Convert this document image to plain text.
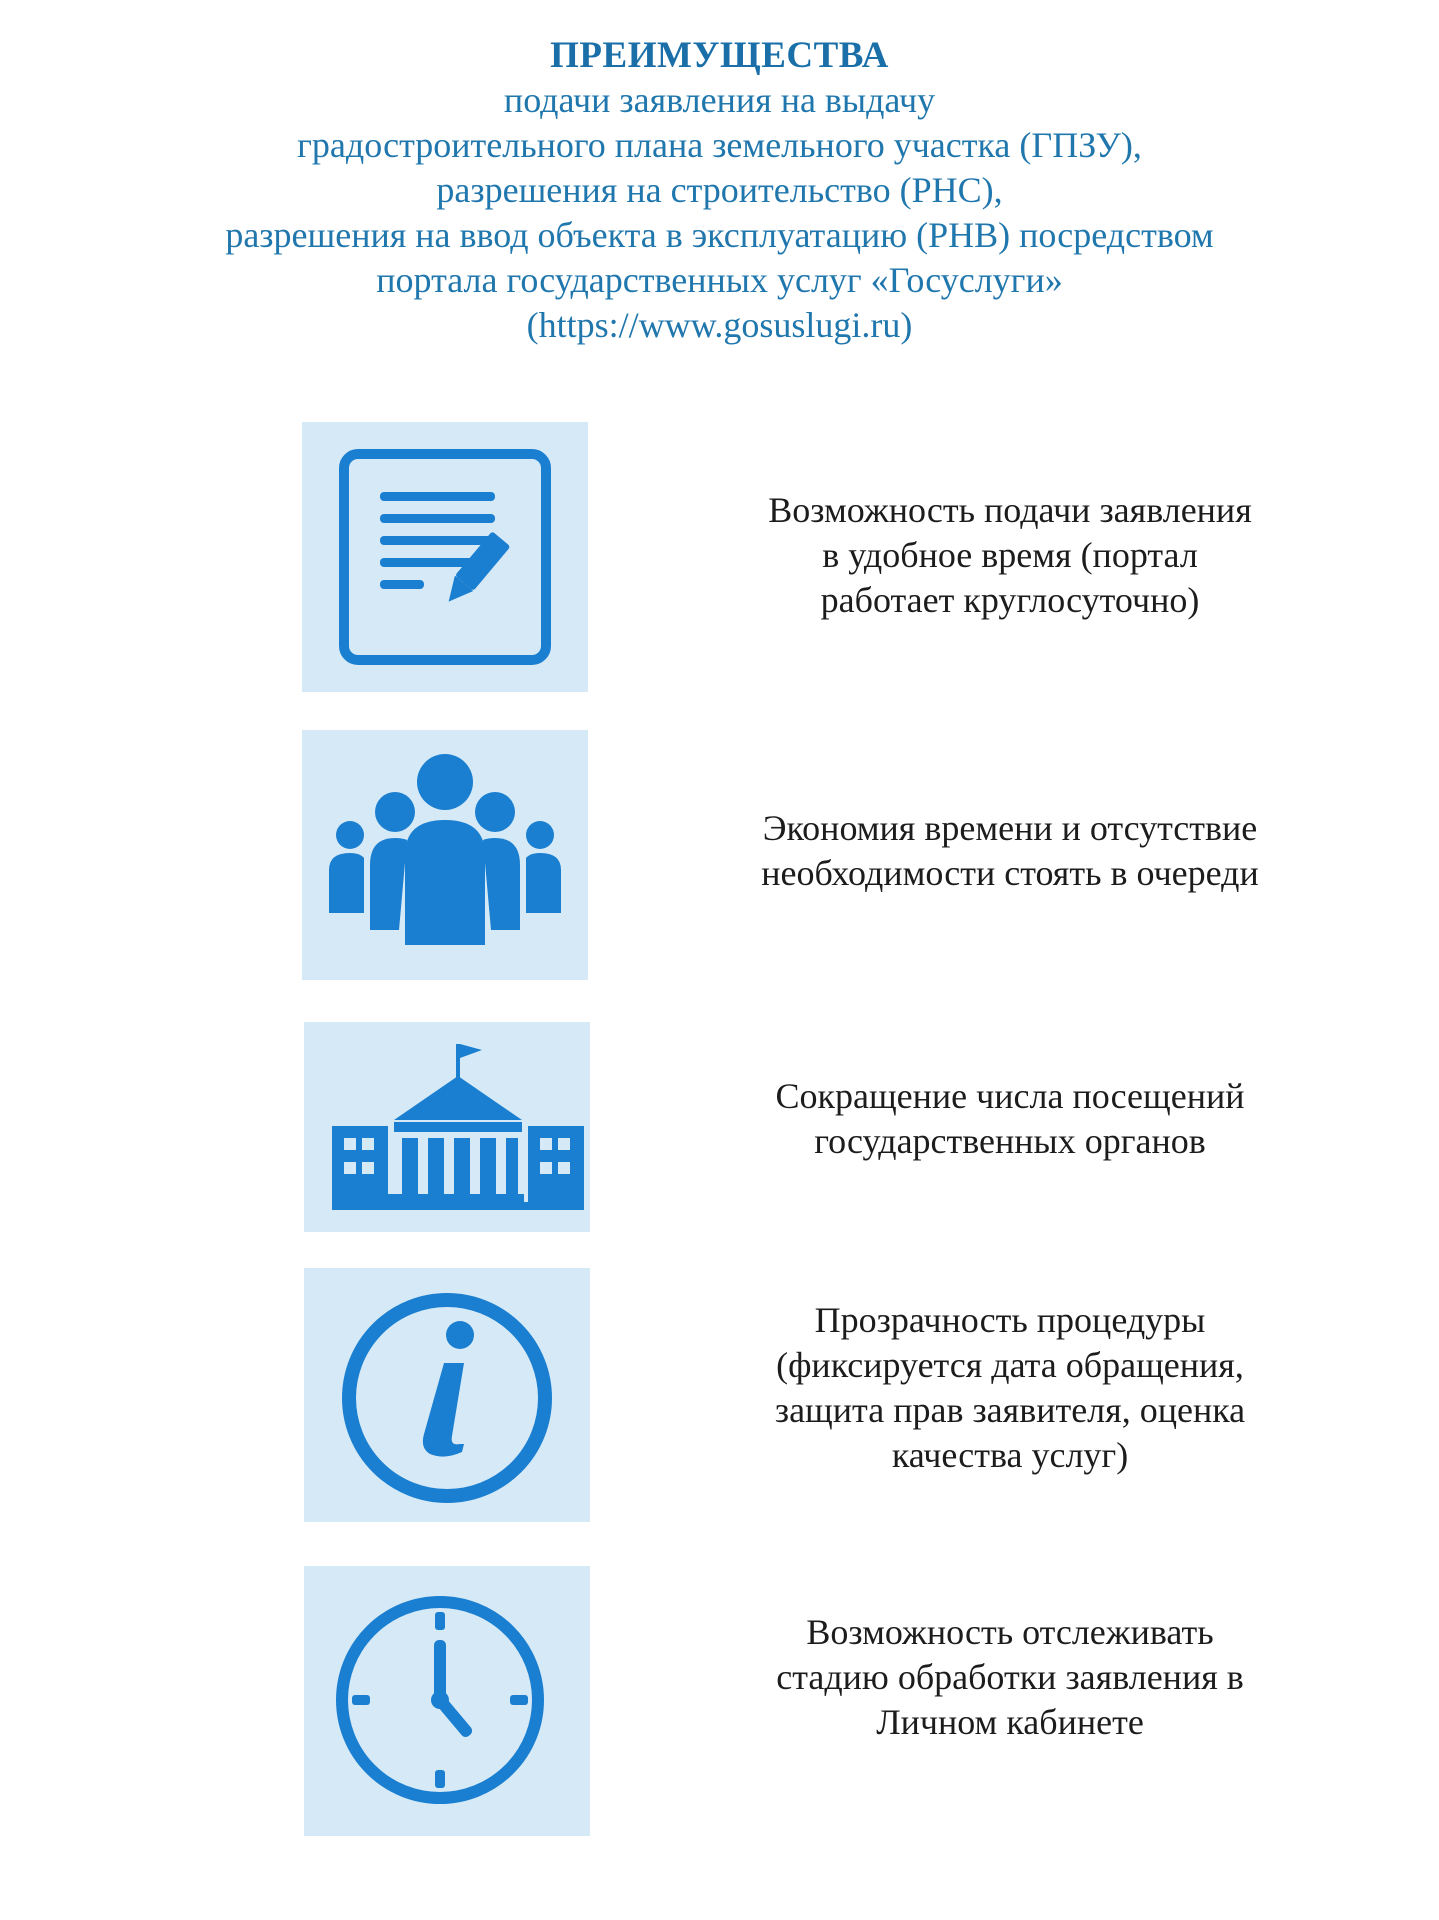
ПРЕИМУЩЕСТВА
подачи заявления на выдачу
градостроительного плана земельного участка (ГПЗУ),
разрешения на строительство (РНС),
разрешения на ввод объекта в эксплуатацию (РНВ) посредством
портала государственных услуг «Госуслуги»
(https://www.gosuslugi.ru)
Возможность подачи заявления
в удобное время (портал
работает круглосуточно)
Экономия времени и отсутствие
необходимости стоять в очереди
Сокращение числа посещений
государственных органов
Прозрачность процедуры
(фиксируется дата обращения,
защита прав заявителя, оценка
качества услуг)
Возможность отслеживать
стадию обработки заявления в
Личном кабинете
